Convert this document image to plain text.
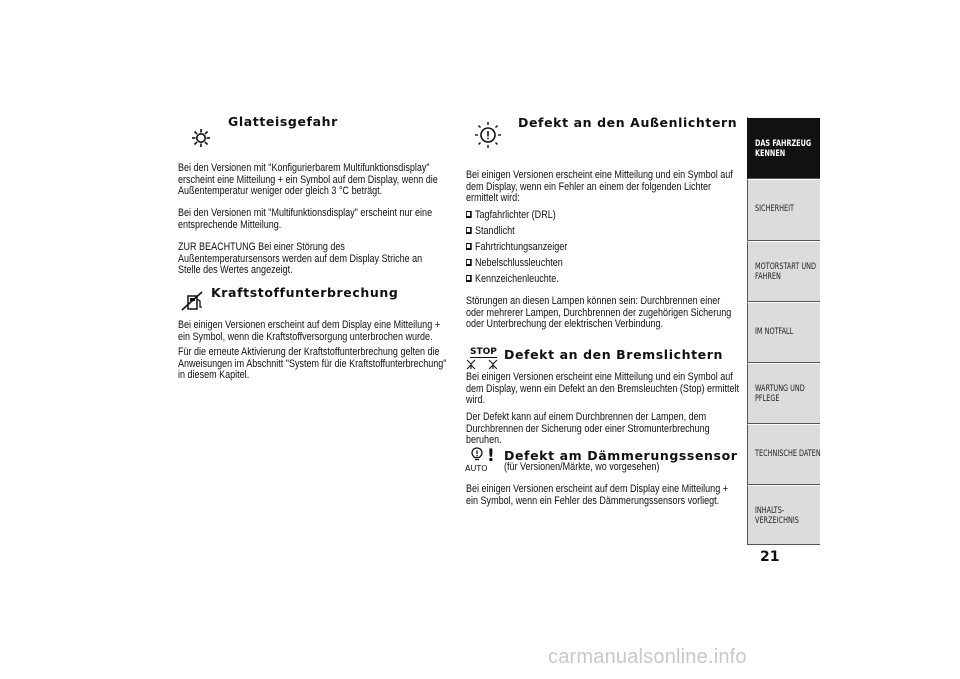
Glatteisgefahr

Bei den Versionen mit "Konfigurierbarem Multifunktionsdisplay" erscheint eine Mitteilung + ein Symbol auf dem Display, wenn die Außentemperatur weniger oder gleich 3 °C beträgt.

Bei den Versionen mit "Multifunktionsdisplay" erscheint nur eine entsprechende Mitteilung.

ZUR BEACHTUNG Bei einer Störung des Außentemperatursensors werden auf dem Display Striche an Stelle des Wertes angezeigt.

Kraftstoffunterbrechung

Bei einigen Versionen erscheint auf dem Display eine Mitteilung + ein Symbol, wenn die Kraftstoffversorgung unterbrochen wurde.

Für die erneute Aktivierung der Kraftstoffunterbrechung gelten die Anweisungen im Abschnitt "System für die Kraftstoffunterbrechung" in diesem Kapitel.

Defekt an den Außenlichtern

Bei einigen Versionen erscheint eine Mitteilung und ein Symbol auf dem Display, wenn ein Fehler an einem der folgenden Lichter ermittelt wird:

Tagfahrlichter (DRL)
Standlicht
Fahrtrichtungsanzeiger
Nebelschlussleuchten
Kennzeichenleuchte.

Störungen an diesen Lampen können sein: Durchbrennen einer oder mehrerer Lampen, Durchbrennen der zugehörigen Sicherung oder Unterbrechung der elektrischen Verbindung.

STOP Defekt an den Bremslichtern

Bei einigen Versionen erscheint eine Mitteilung und ein Symbol auf dem Display, wenn ein Defekt an den Bremsleuchten (Stop) ermittelt wird.

Der Defekt kann auf einem Durchbrennen der Lampen, dem Durchbrennen der Sicherung oder einer Stromunterbrechung beruhen.

!
AUTO
Defekt am Dämmerungssensor

(für Versionen/Märkte, wo vorgesehen)

Bei einigen Versionen erscheint auf dem Display eine Mitteilung + ein Symbol, wenn ein Fehler des Dämmerungssensors vorliegt.

DAS FAHRZEUG KENNEN
SICHERHEIT
MOTORSTART UND FAHREN
IM NOTFALL
WARTUNG UND PFLEGE
TECHNISCHE DATEN
INHALTS-VERZEICHNIS
21
carmanualsonline.info
